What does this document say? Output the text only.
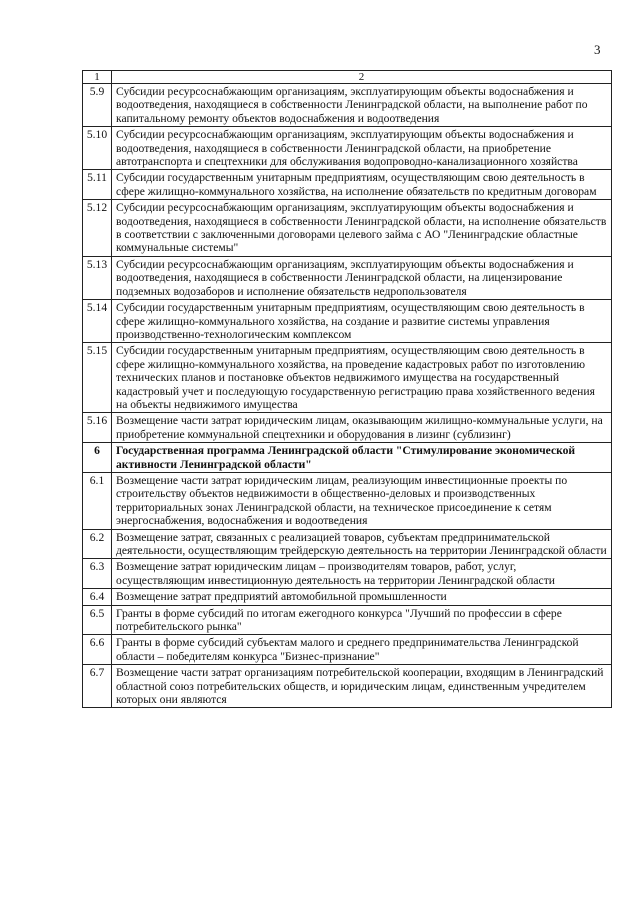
3
1	2
5.9	Субсидии ресурсоснабжающим организациям, эксплуатирующим объекты водоснабжения и водоотведения, находящиеся в собственности Ленинградской области, на выполнение работ по капитальному ремонту объектов водоснабжения и водоотведения
5.10	Субсидии ресурсоснабжающим организациям, эксплуатирующим объекты водоснабжения и водоотведения, находящиеся в собственности Ленинградской области, на приобретение автотранспорта и спецтехники для обслуживания водопроводно-канализационного хозяйства
5.11	Субсидии государственным унитарным предприятиям, осуществляющим свою деятельность в сфере жилищно-коммунального хозяйства, на исполнение обязательств по кредитным договорам
5.12	Субсидии ресурсоснабжающим организациям, эксплуатирующим объекты водоснабжения и водоотведения, находящиеся в собственности Ленинградской области, на исполнение обязательств в соответствии с заключенными договорами целевого займа с АО "Ленинградские областные коммунальные системы"
5.13	Субсидии ресурсоснабжающим организациям, эксплуатирующим объекты водоснабжения и водоотведения, находящиеся в собственности Ленинградской области, на лицензирование подземных водозаборов и исполнение обязательств недропользователя
5.14	Субсидии государственным унитарным предприятиям, осуществляющим свою деятельность в сфере жилищно-коммунального хозяйства, на создание и развитие системы управления производственно-технологическим комплексом
5.15	Субсидии государственным унитарным предприятиям, осуществляющим свою деятельность в сфере жилищно-коммунального хозяйства, на проведение кадастровых работ по изготовлению технических планов и постановке объектов недвижимого имущества на государственный кадастровый учет и последующую государственную регистрацию права хозяйственного ведения на объекты недвижимого имущества
5.16	Возмещение части затрат юридическим лицам, оказывающим жилищно-коммунальные услуги, на приобретение коммунальной спецтехники и оборудования в лизинг (сублизинг)
6	Государственная программа Ленинградской области "Стимулирование экономической активности Ленинградской области"
6.1	Возмещение части затрат юридическим лицам, реализующим инвестиционные проекты по строительству объектов недвижимости в общественно-деловых и производственных территориальных зонах Ленинградской области, на техническое присоединение к сетям энергоснабжения, водоснабжения и водоотведения
6.2	Возмещение затрат, связанных с реализацией товаров, субъектам предпринимательской деятельности, осуществляющим трейдерскую деятельность на территории Ленинградской области
6.3	Возмещение затрат юридическим лицам – производителям товаров, работ, услуг, осуществляющим инвестиционную деятельность на территории Ленинградской области
6.4	Возмещение затрат предприятий автомобильной промышленности
6.5	Гранты в форме субсидий по итогам ежегодного конкурса "Лучший по профессии в сфере потребительского рынка"
6.6	Гранты в форме субсидий субъектам малого и среднего предпринимательства Ленинградской области – победителям конкурса "Бизнес-признание"
6.7	Возмещение части затрат организациям потребительской кооперации, входящим в Ленинградский областной союз потребительских обществ, и юридическим лицам, единственным учредителем которых они являются
